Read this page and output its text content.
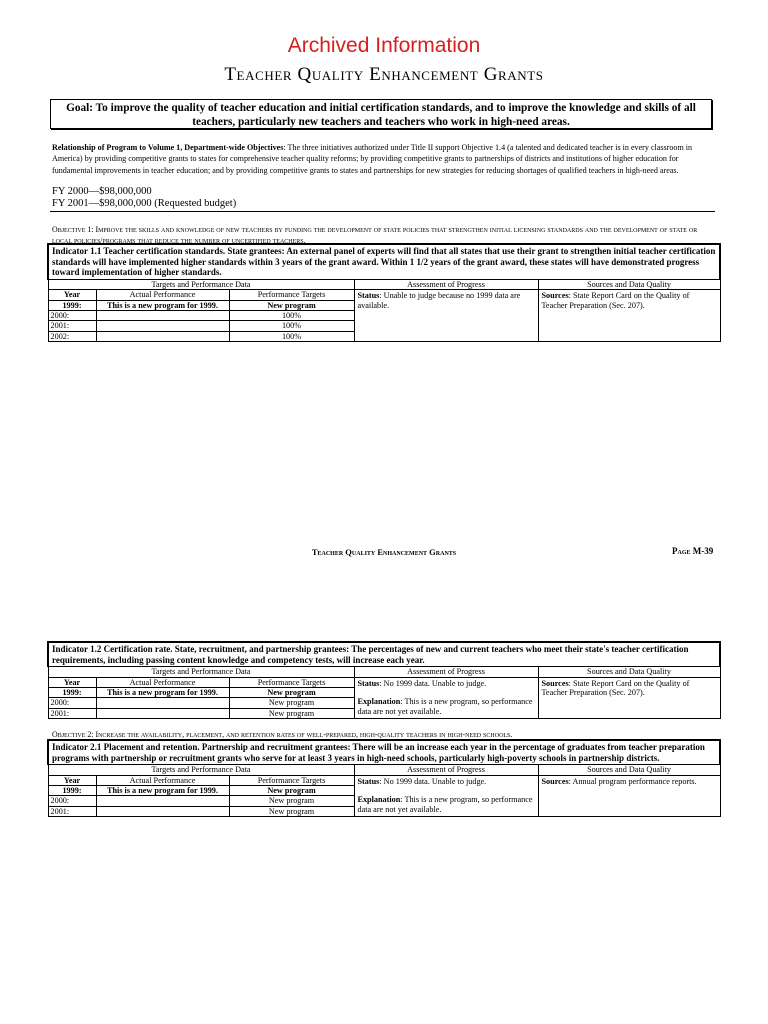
Archived Information
Teacher Quality Enhancement Grants
Goal: To improve the quality of teacher education and initial certification standards, and to improve the knowledge and skills of all teachers, particularly new teachers and teachers who work in high-need areas.
Relationship of Program to Volume 1, Department-wide Objectives: The three initiatives authorized under Title II support Objective 1.4 (a talented and dedicated teacher is in every classroom in America) by providing competitive grants to states for comprehensive teacher quality reforms; by providing competitive grants to partnerships of districts and institutions of higher education for fundamental improvements in teacher education; and by providing competitive grants to states and partnerships for new strategies for reducing shortages of qualified teachers in high-need areas.
FY 2000—$98,000,000
FY 2001—$98,000,000 (Requested budget)
Objective 1: Improve the skills and knowledge of new teachers by funding the development of state policies that strengthen initial licensing standards and the development of state or local policies/programs that reduce the number of uncertified teachers.
Indicator 1.1 Teacher certification standards. State grantees: An external panel of experts will find that all states that use their grant to strengthen initial teacher certification standards will have implemented higher standards within 3 years of the grant award. Within 1 1/2 years of the grant award, these states will have demonstrated progress toward implementation of higher standards.				
Targets and Performance Data			Assessment of Progress	Sources and Data Quality
Year	Actual Performance	Performance Targets	Status: Unable to judge because no 1999 data are available.	Sources: State Report Card on the Quality of Teacher Preparation (Sec. 207).
1999:	This is a new program for 1999.	New program		
2000:		100%		
2001:		100%		
2002:		100%		
Teacher Quality Enhancement Grants	Page M-39
Indicator 1.2 Certification rate. State, recruitment, and partnership grantees: The percentages of new and current teachers who meet their state's teacher certification requirements, including passing content knowledge and competency tests, will increase each year.				
Targets and Performance Data			Assessment of Progress	Sources and Data Quality
Year	Actual Performance	Performance Targets	Status: No 1999 data. Unable to judge.

Explanation: This is a new program, so performance data are not yet available.	Sources: State Report Card on the Quality of Teacher Preparation (Sec. 207).
1999:	This is a new program for 1999.	New program		
2000:		New program		
2001:		New program		
Objective 2: Increase the availability, placement, and retention rates of well-prepared, high-quality teachers in high-need schools.
Indicator 2.1 Placement and retention. Partnership and recruitment grantees: There will be an increase each year in the percentage of graduates from teacher preparation programs with partnership or recruitment grants who serve for at least 3 years in high-need schools, particularly high-poverty schools in partnership districts.				
Targets and Performance Data			Assessment of Progress	Sources and Data Quality
Year	Actual Performance	Performance Targets	Status: No 1999 data. Unable to judge.

Explanation: This is a new program, so performance data are not yet available.	Sources: Annual program performance reports.
1999:	This is a new program for 1999.	New program		
2000:		New program		
2001:		New program		
